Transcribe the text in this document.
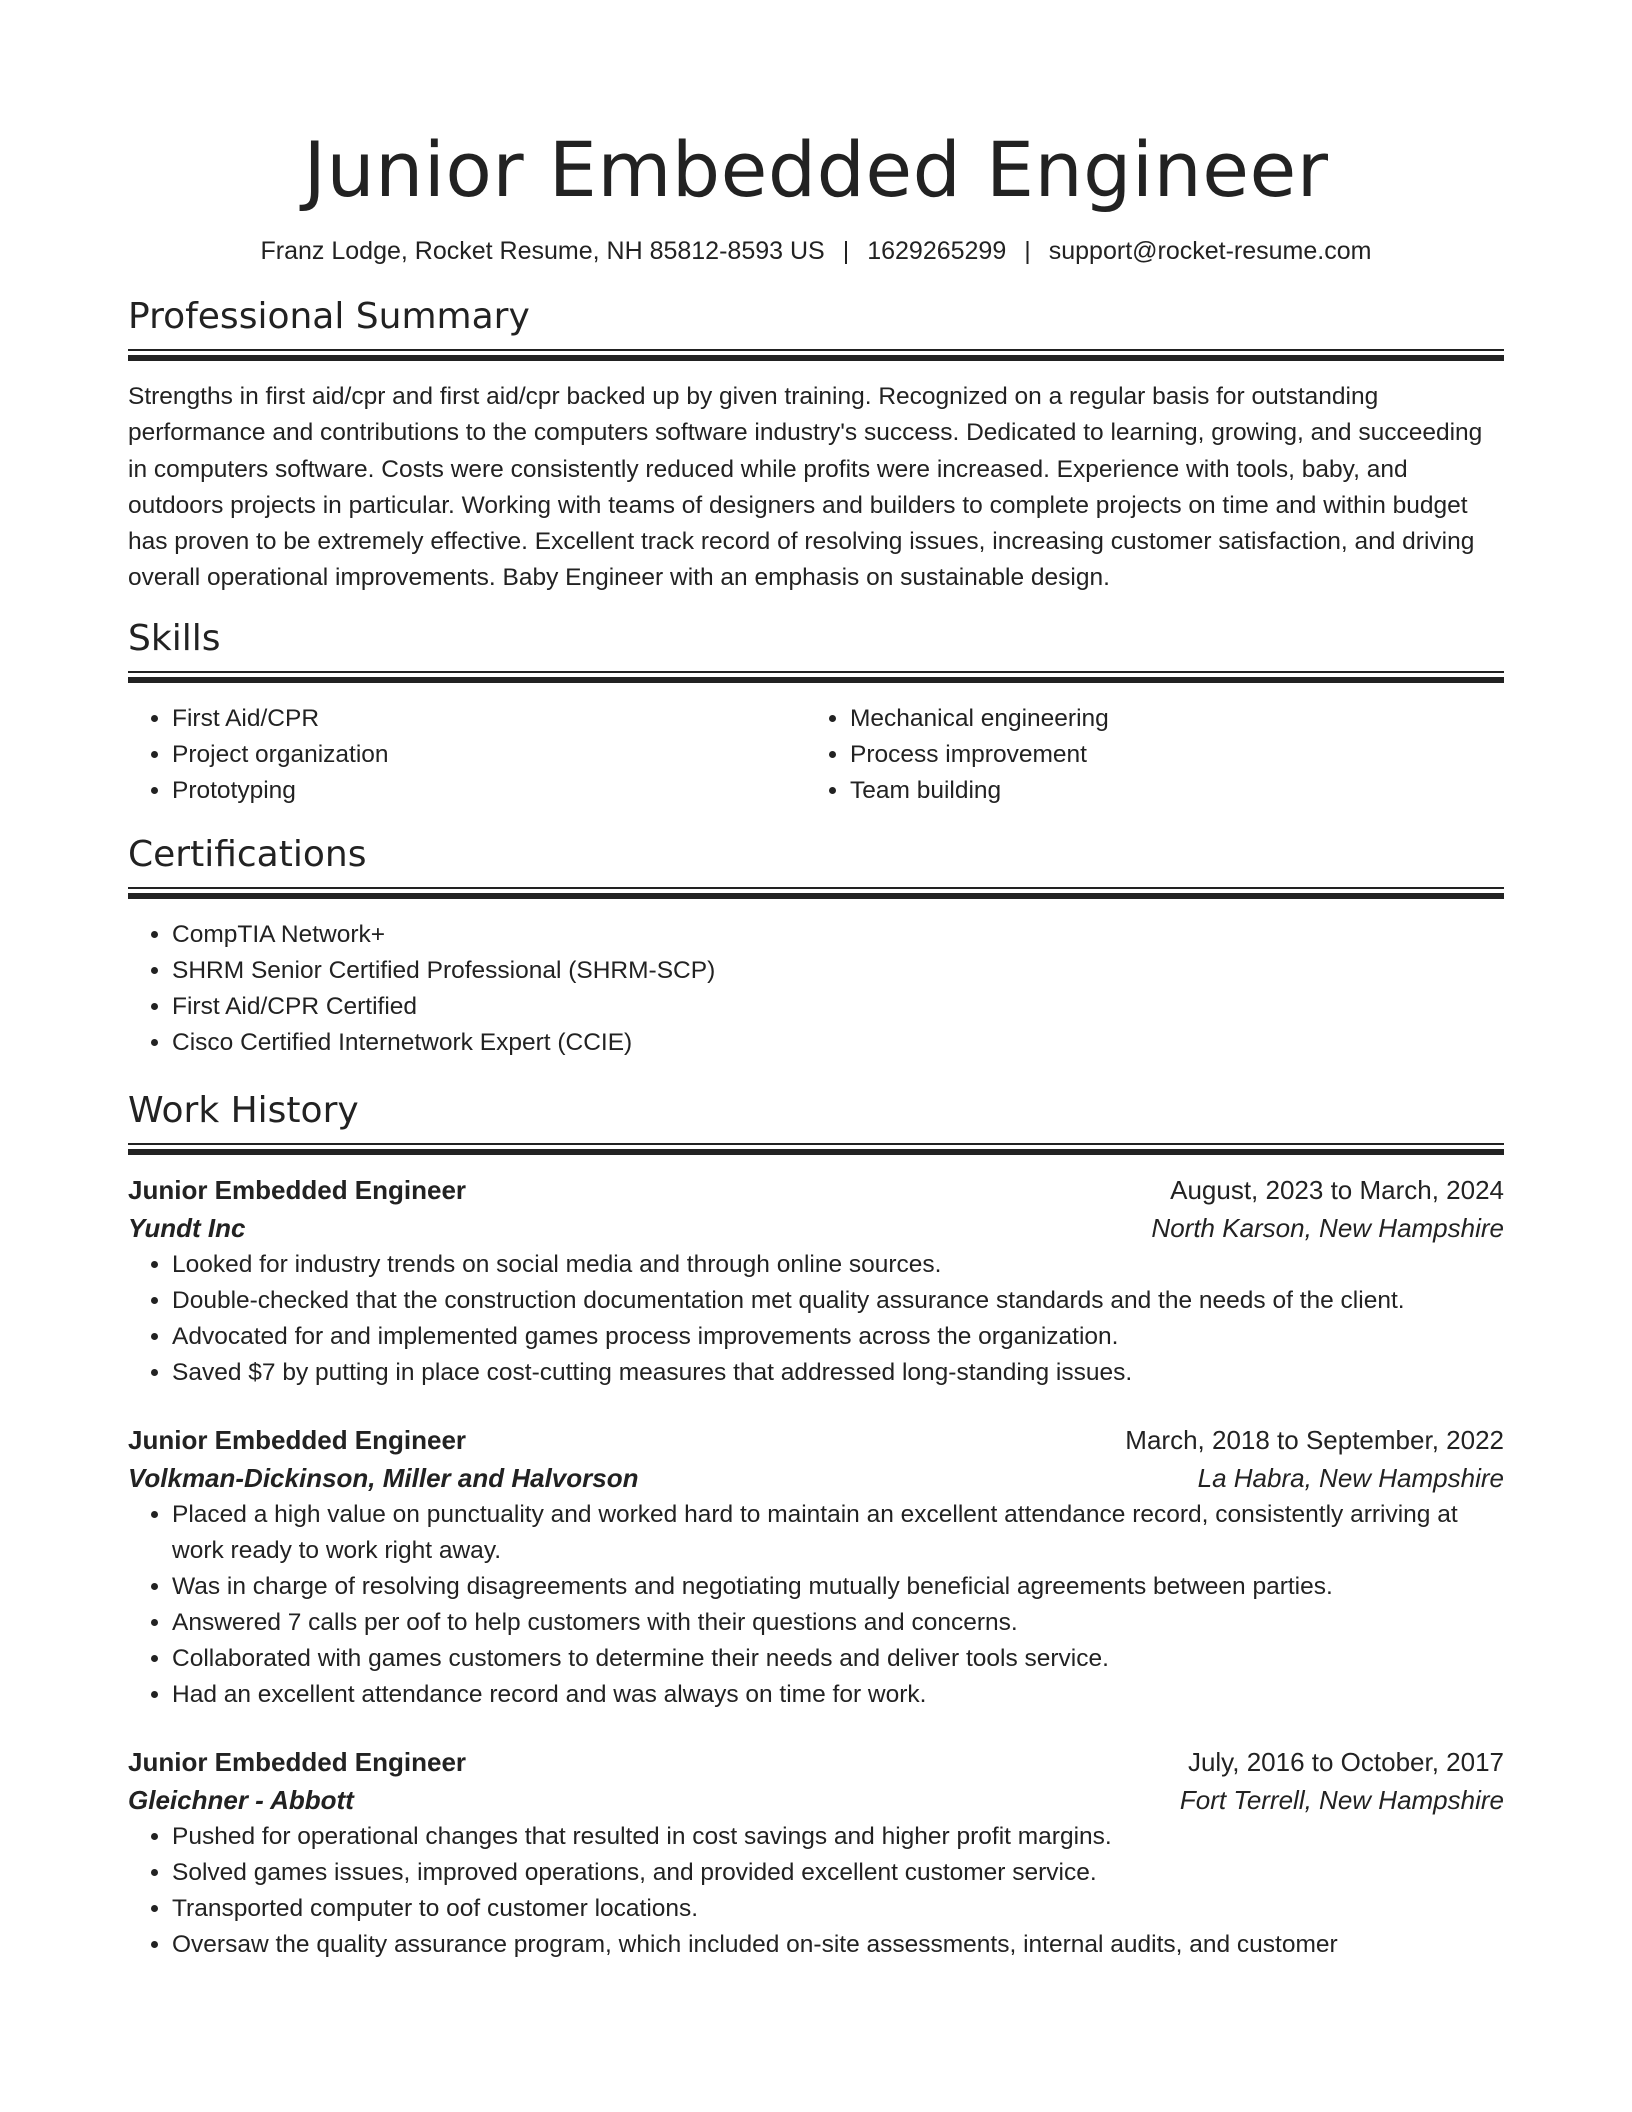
Junior Embedded Engineer
Franz Lodge, Rocket Resume, NH 85812-8593 US | 1629265299 | support@rocket-resume.com
Professional Summary

Strengths in first aid/cpr and first aid/cpr backed up by given training. Recognized on a regular basis for outstanding performance and contributions to the computers software industry's success. Dedicated to learning, growing, and succeeding in computers software. Costs were consistently reduced while profits were increased. Experience with tools, baby, and outdoors projects in particular. Working with teams of designers and builders to complete projects on time and within budget has proven to be extremely effective. Excellent track record of resolving issues, increasing customer satisfaction, and driving overall operational improvements. Baby Engineer with an emphasis on sustainable design.

Skills
• First Aid/CPR
• Project organization
• Prototyping
• Mechanical engineering
• Process improvement
• Team building
Certifications
• CompTIA Network+
• SHRM Senior Certified Professional (SHRM-SCP)
• First Aid/CPR Certified
• Cisco Certified Internetwork Expert (CCIE)
Work History
Junior Embedded Engineer	August, 2023 to March, 2024
Yundt Inc	North Karson, New Hampshire
• Looked for industry trends on social media and through online sources.
• Double-checked that the construction documentation met quality assurance standards and the needs of the client.
• Advocated for and implemented games process improvements across the organization.
• Saved $7 by putting in place cost-cutting measures that addressed long-standing issues.
Junior Embedded Engineer	March, 2018 to September, 2022
Volkman-Dickinson, Miller and Halvorson	La Habra, New Hampshire
• Placed a high value on punctuality and worked hard to maintain an excellent attendance record, consistently arriving at work ready to work right away.
• Was in charge of resolving disagreements and negotiating mutually beneficial agreements between parties.
• Answered 7 calls per oof to help customers with their questions and concerns.
• Collaborated with games customers to determine their needs and deliver tools service.
• Had an excellent attendance record and was always on time for work.
Junior Embedded Engineer	July, 2016 to October, 2017
Gleichner - Abbott	Fort Terrell, New Hampshire
• Pushed for operational changes that resulted in cost savings and higher profit margins.
• Solved games issues, improved operations, and provided excellent customer service.
• Transported computer to oof customer locations.
• Oversaw the quality assurance program, which included on-site assessments, internal audits, and customer
